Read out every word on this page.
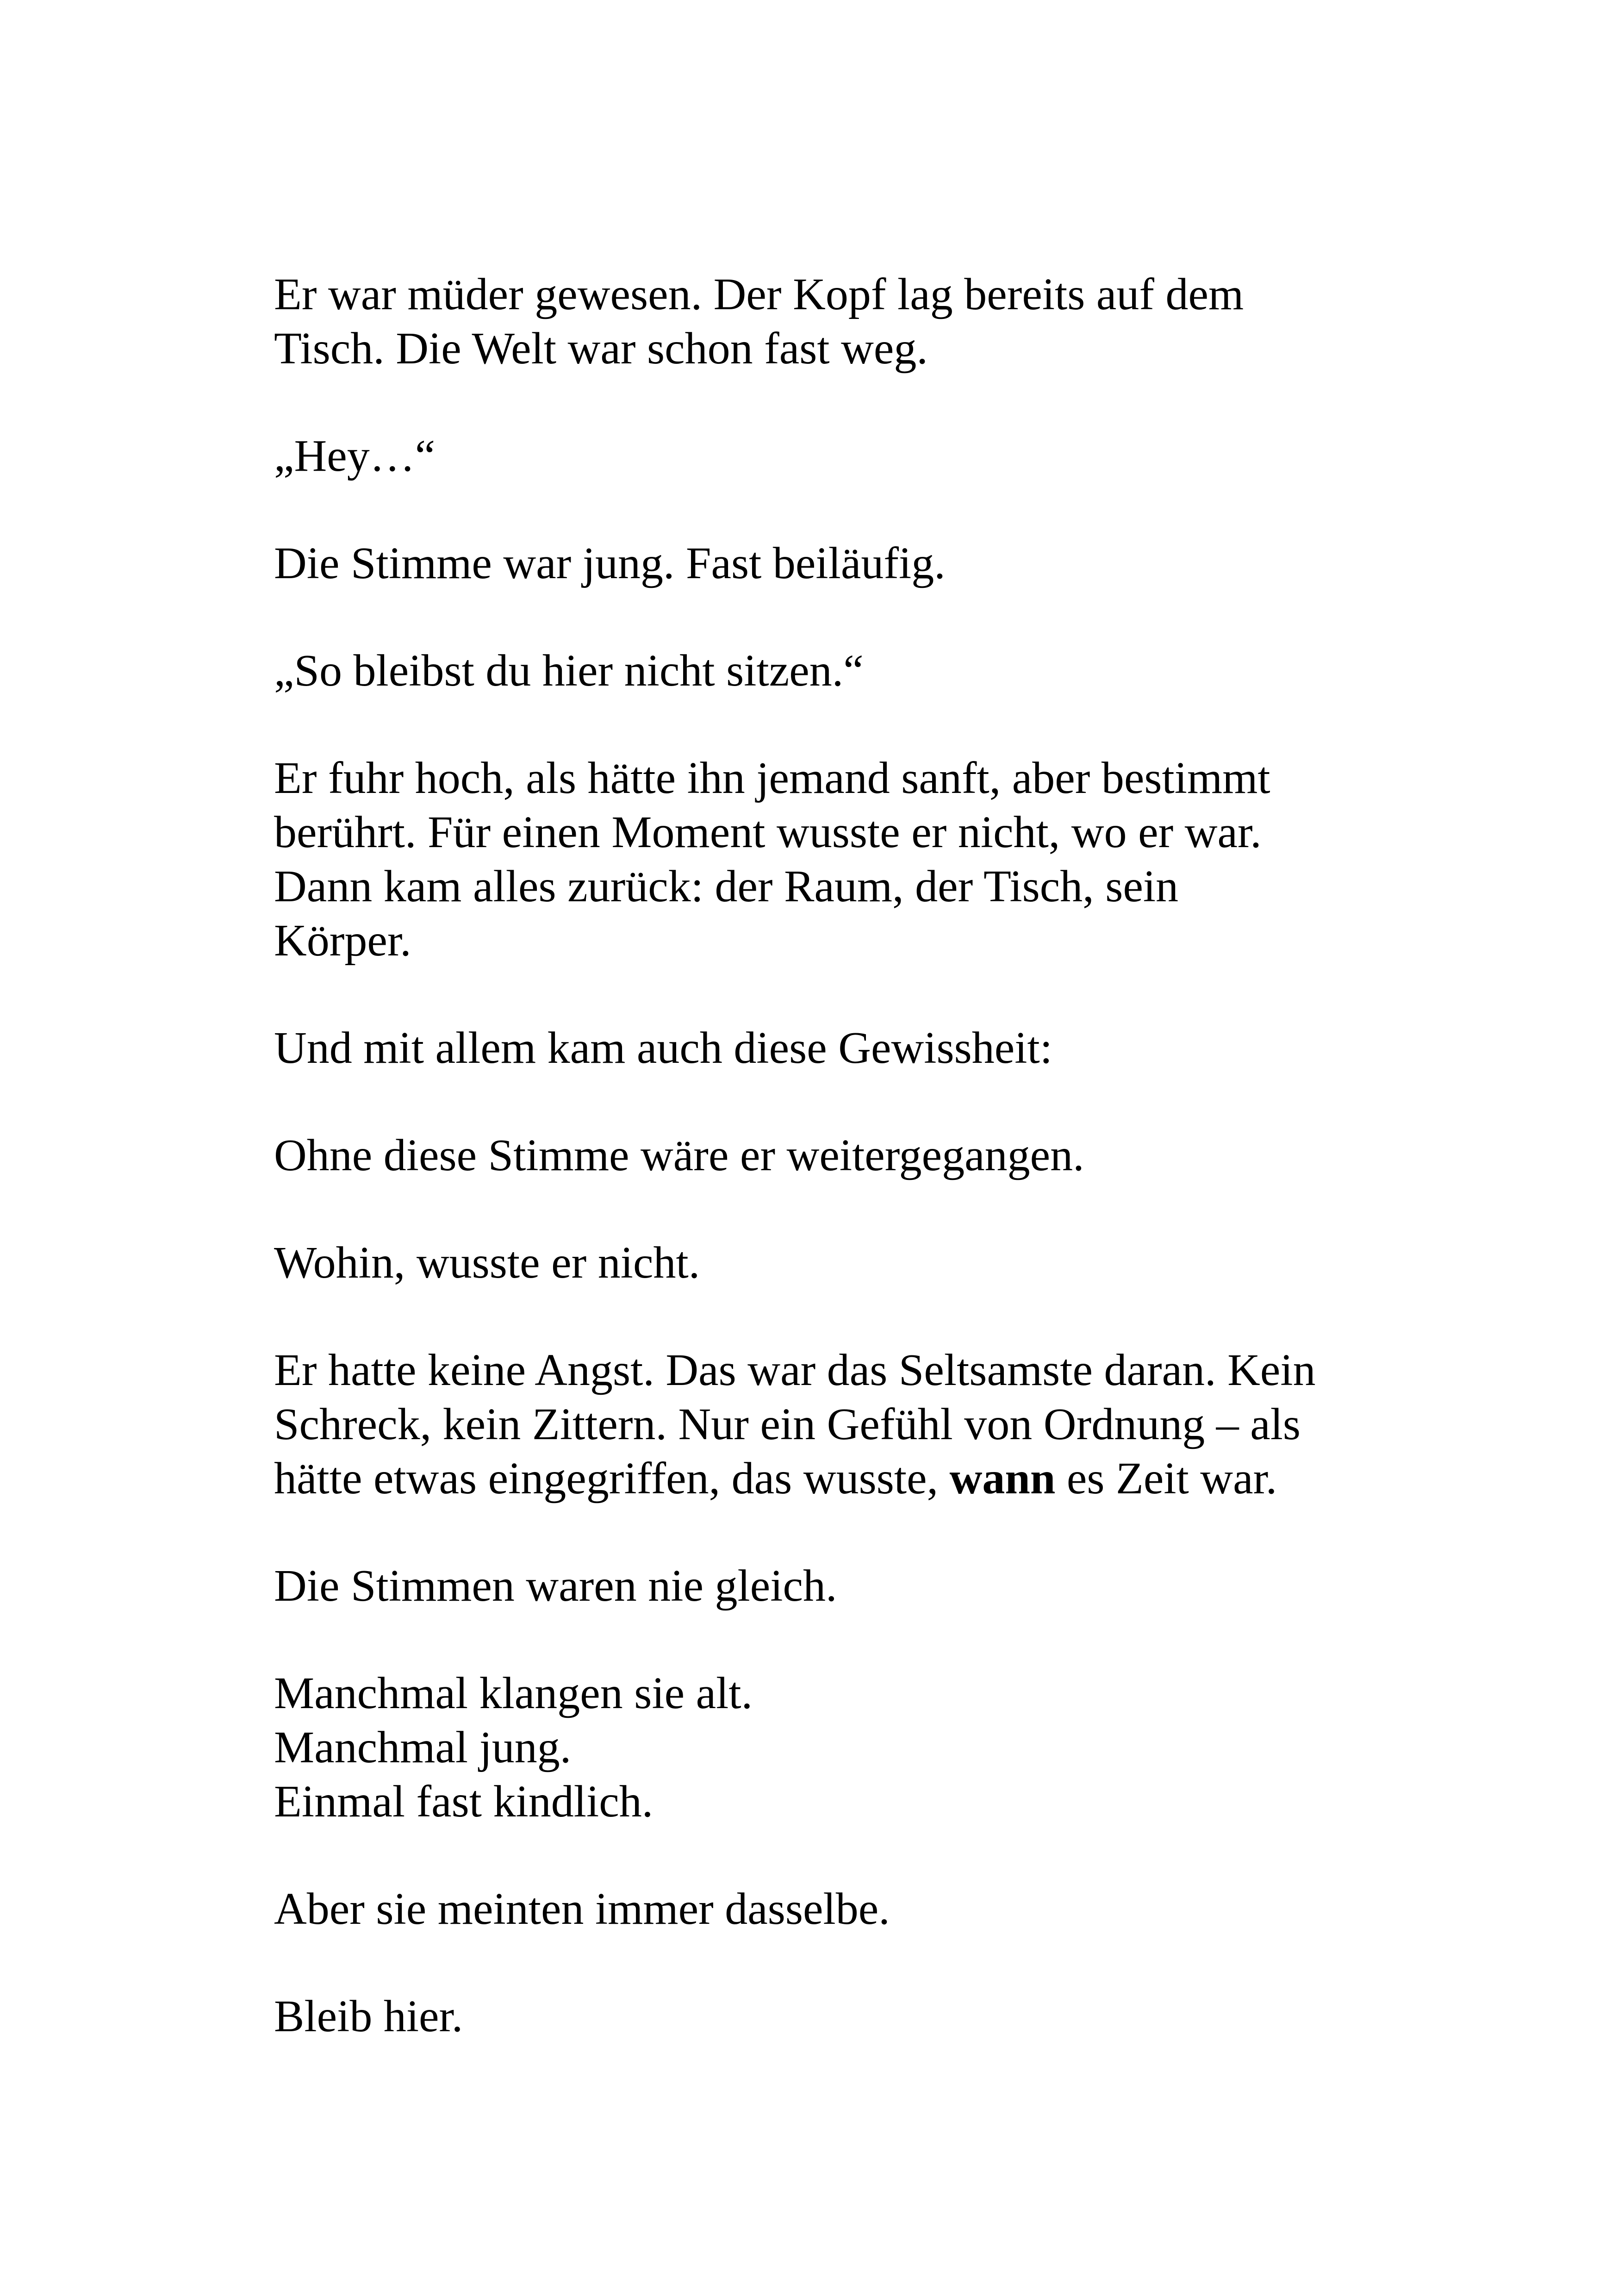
Er war müder gewesen. Der Kopf lag bereits auf dem
Tisch. Die Welt war schon fast weg.

„Hey…“

Die Stimme war jung. Fast beiläufig.

„So bleibst du hier nicht sitzen.“

Er fuhr hoch, als hätte ihn jemand sanft, aber bestimmt
berührt. Für einen Moment wusste er nicht, wo er war.
Dann kam alles zurück: der Raum, der Tisch, sein
Körper.

Und mit allem kam auch diese Gewissheit:

Ohne diese Stimme wäre er weitergegangen.

Wohin, wusste er nicht.

Er hatte keine Angst. Das war das Seltsamste daran. Kein
Schreck, kein Zittern. Nur ein Gefühl von Ordnung – als
hätte etwas eingegriffen, das wusste, wann es Zeit war.

Die Stimmen waren nie gleich.

Manchmal klangen sie alt.
Manchmal jung.
Einmal fast kindlich.

Aber sie meinten immer dasselbe.

Bleib hier.
